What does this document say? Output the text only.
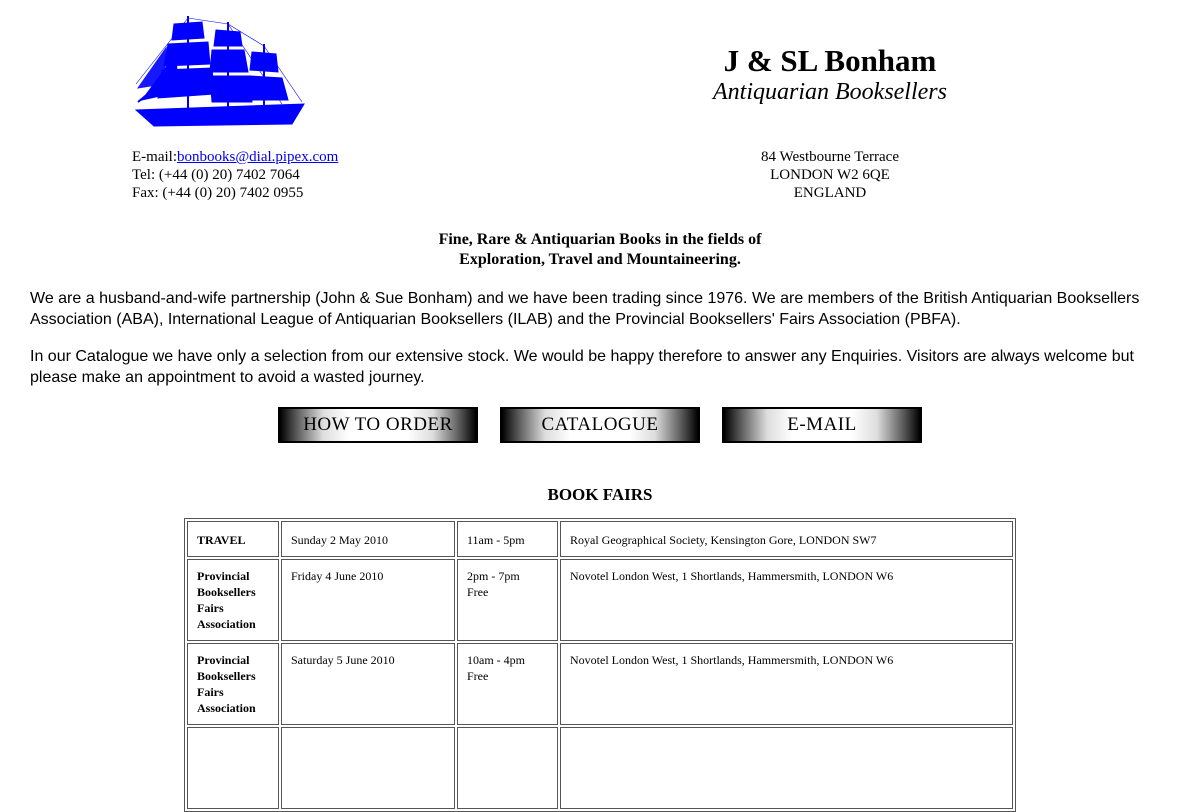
J & SL Bonham

Antiquarian Booksellers

E-mail:bonbooks@dial.pipex.com
Tel: (+44 (0) 20) 7402 7064
Fax: (+44 (0) 20) 7402 0955
84 Westbourne Terrace
LONDON W2 6QE
ENGLAND
Fine, Rare & Antiquarian Books in the fields of
Exploration, Travel and Mountaineering.

We are a husband-and-wife partnership (John & Sue Bonham) and we have been trading since 1976. We are members of the British Antiquarian Booksellers Association (ABA), International League of Antiquarian Booksellers (ILAB) and the Provincial Booksellers' Fairs Association (PBFA).

In our Catalogue we have only a selection from our extensive stock. We would be happy therefore to answer any Enquiries. Visitors are always welcome but please make an appointment to avoid a wasted journey.

HOW TO ORDER	CATALOGUE	E-MAIL
BOOK FAIRS
TRAVEL	Sunday 2 May 2010	11am - 5pm	Royal Geographical Society, Kensington Gore, LONDON SW7

Provincial
Booksellers
Fairs
Association	Friday 4 June 2010	2pm - 7pm
Free	Novotel London West, 1 Shortlands, Hammersmith, LONDON W6

Provincial
Booksellers
Fairs
Association	Saturday 5 June 2010	10am - 4pm
Free	Novotel London West, 1 Shortlands, Hammersmith, LONDON W6
